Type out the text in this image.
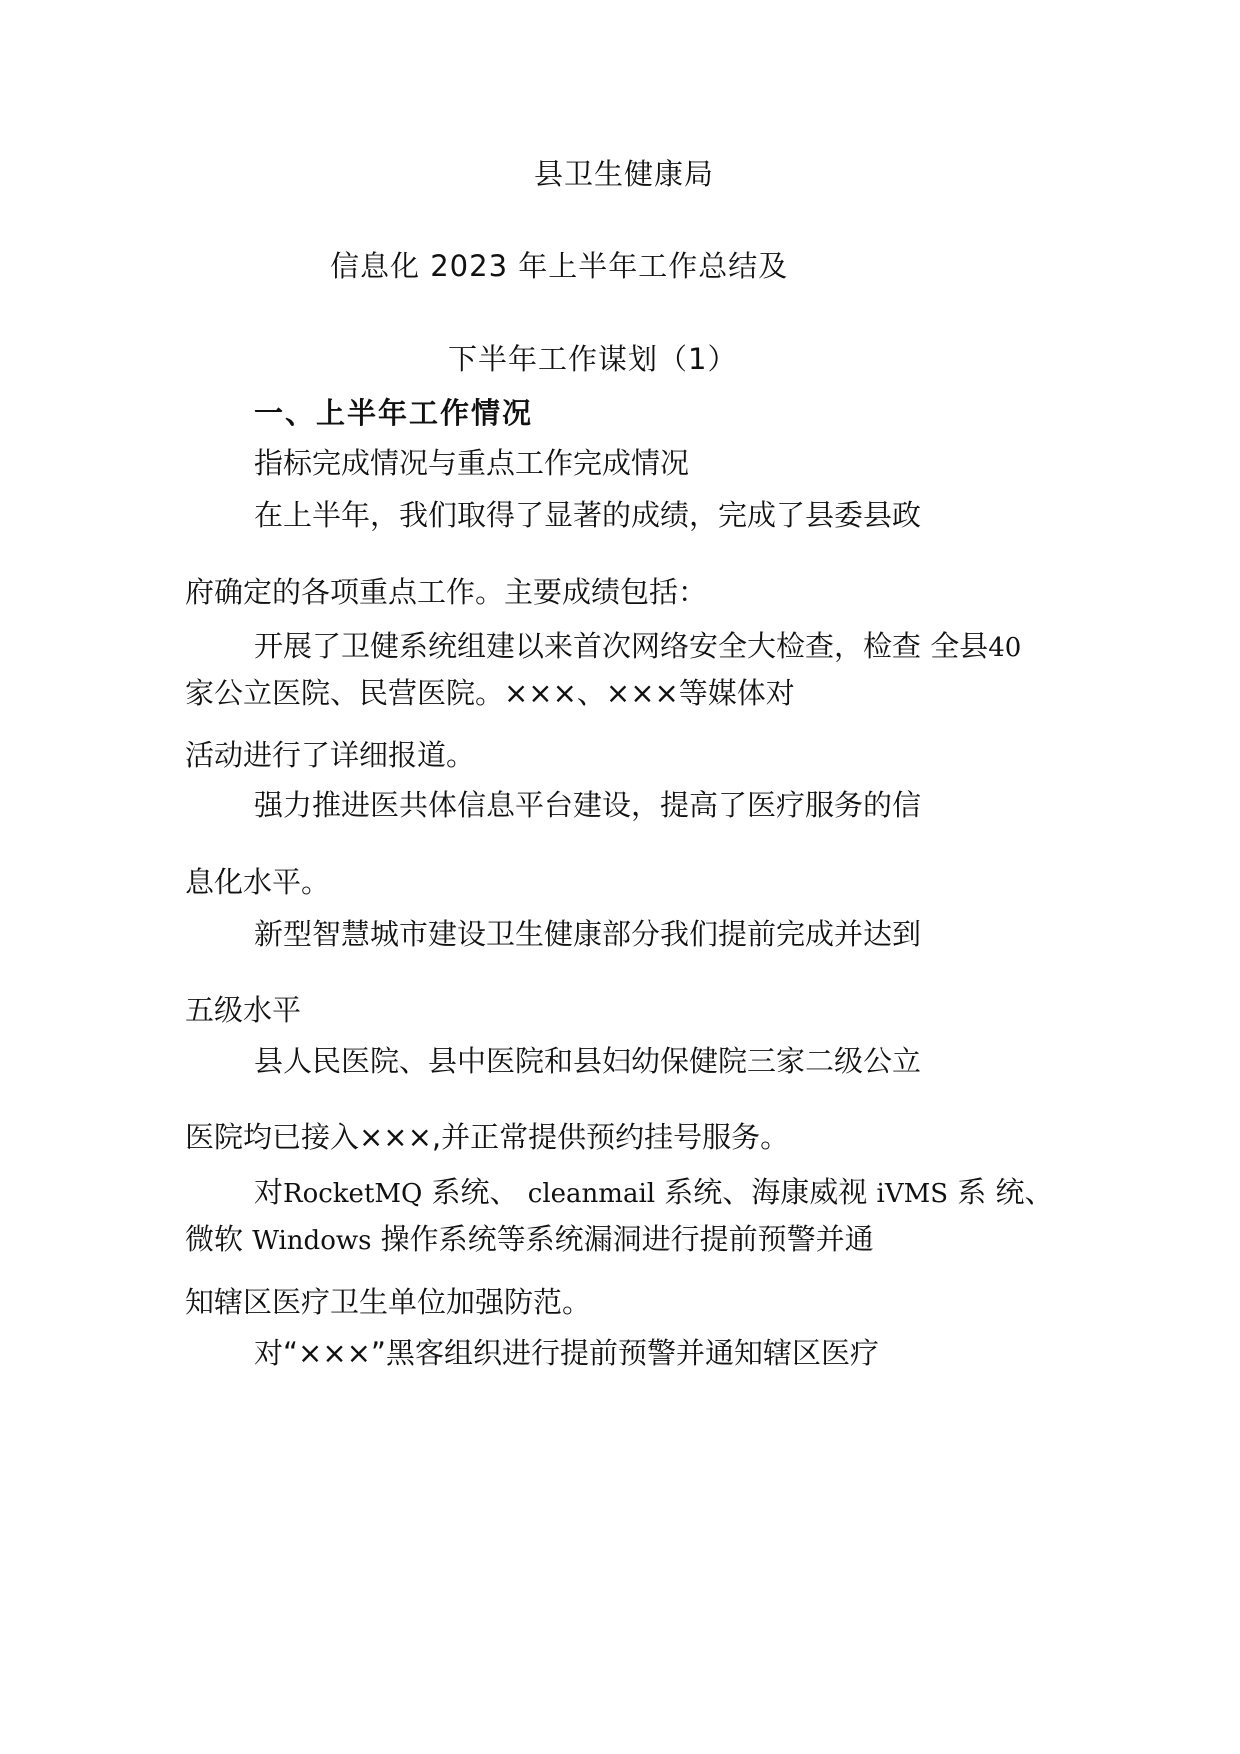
县卫生健康局
信息化 2023 年上半年工作总结及
下半年工作谋划（1）
一、上半年工作情况
指标完成情况与重点工作完成情况
在上半年，我们取得了显著的成绩，完成了县委县政
府确定的各项重点工作。主要成绩包括：
开展了卫健系统组建以来首次网络安全大检查，检查 全县40
家公立医院、民营医院。×××、×××等媒体对
活动进行了详细报道。
强力推进医共体信息平台建设，提高了医疗服务的信
息化水平。
新型智慧城市建设卫生健康部分我们提前完成并达到
五级水平
县人民医院、县中医院和县妇幼保健院三家二级公立
医院均已接入×××,并正常提供预约挂号服务。
对RocketMQ 系统、 cleanmail 系统、海康威视 iVMS 系 统、
微软 Windows 操作系统等系统漏洞进行提前预警并通
知辖区医疗卫生单位加强防范。
对“×××”黑客组织进行提前预警并通知辖区医疗
